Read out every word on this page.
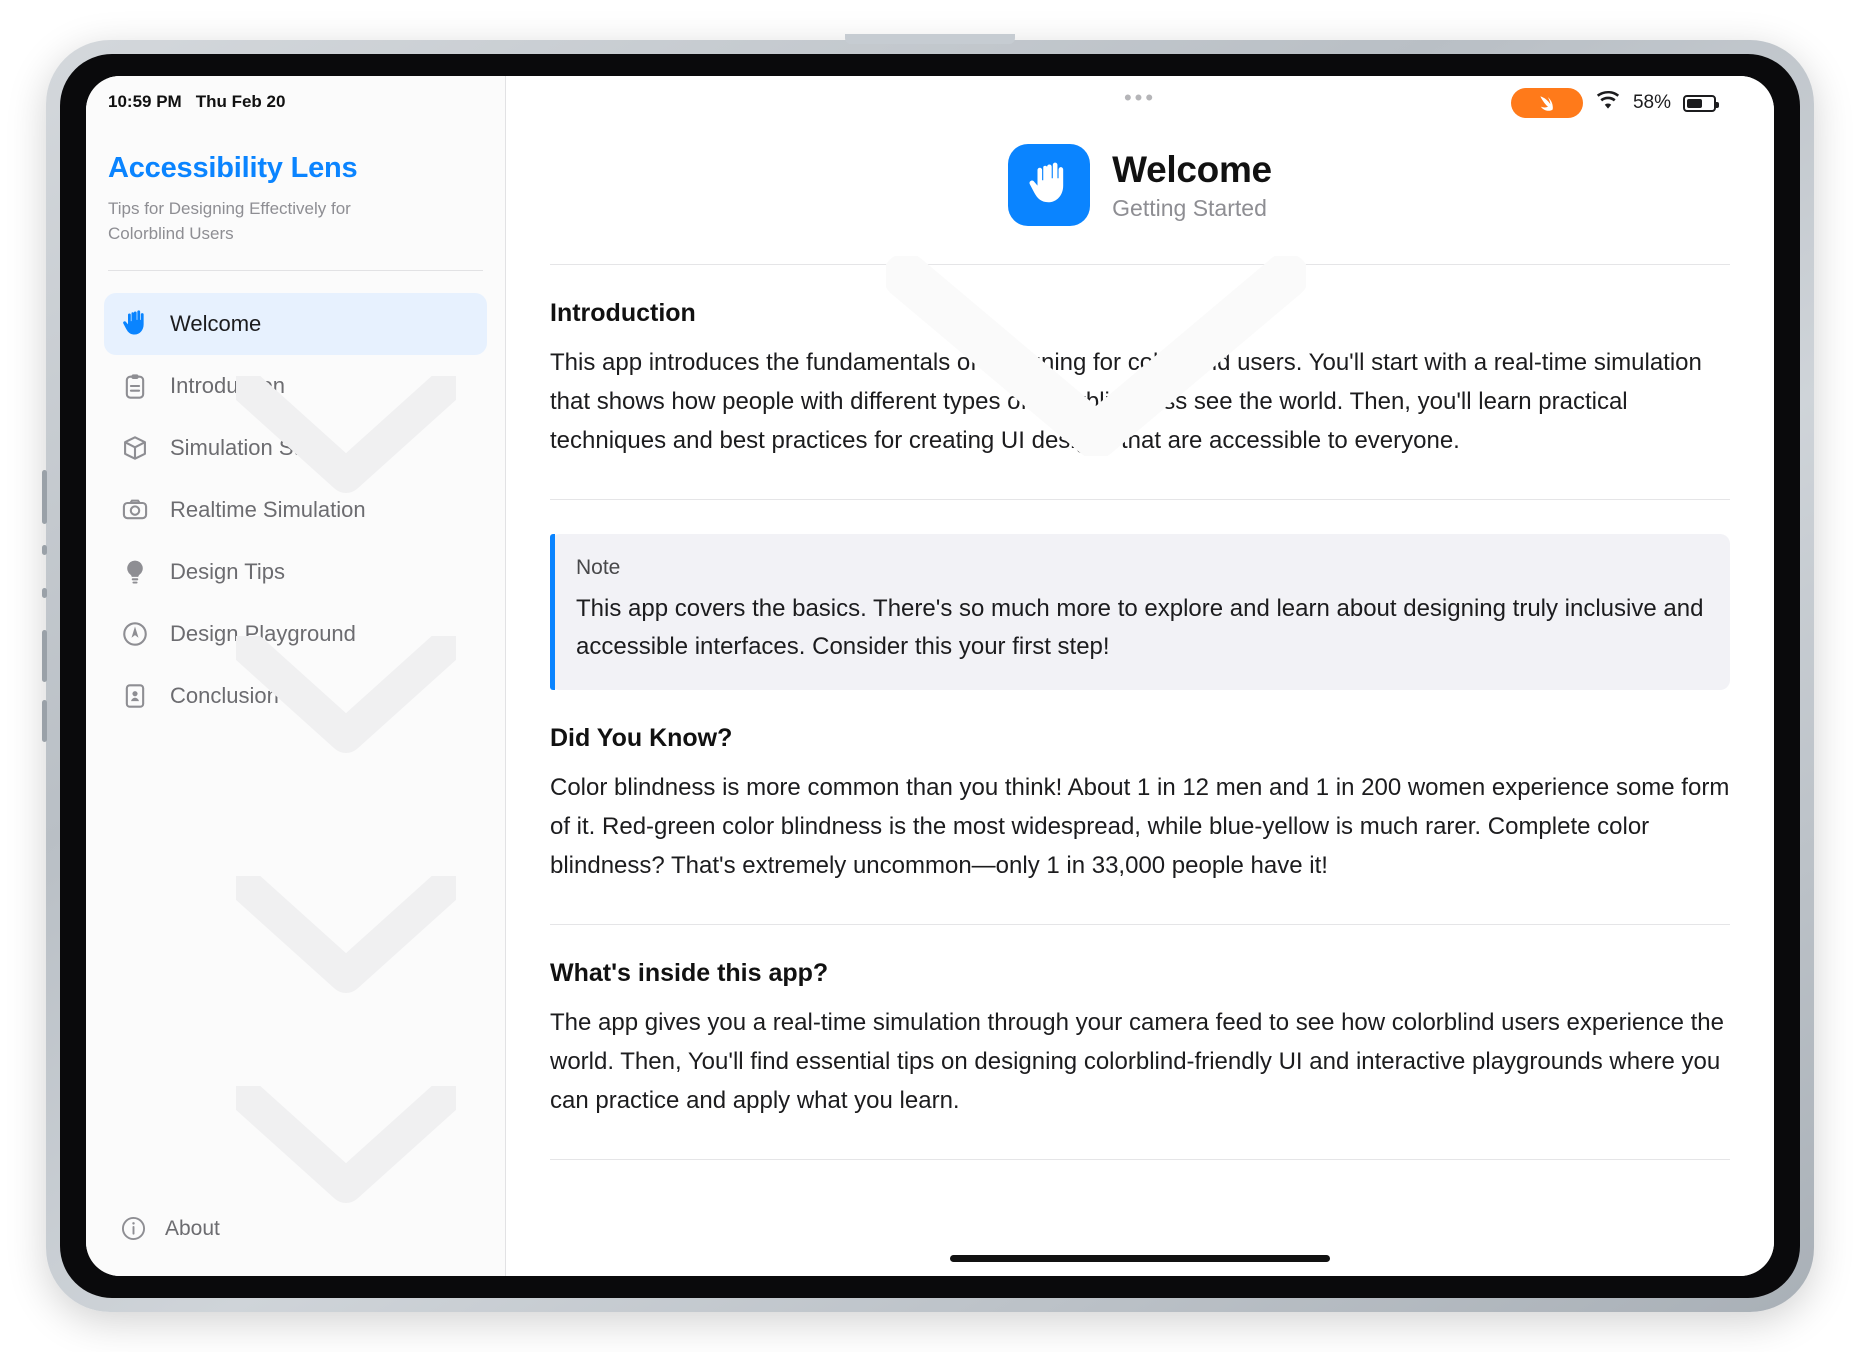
10:59 PM Thu Feb 20
Accessibility Lens
Tips for Designing Effectively for Colorblind Users
Welcome
Introduction
Simulation Steps
Realtime Simulation
Design Tips
Design Playground
Conclusion
About
•••	58%
Welcome

Getting Started

Introduction

This app introduces the fundamentals of designing for colorblind users. You'll start with a real-time simulation that shows how people with different types of colorblindness see the world. Then, you'll learn practical techniques and best practices for creating UI designs that are accessible to everyone.

Note
This app covers the basics. There's so much more to explore and learn about designing truly inclusive and accessible interfaces. Consider this your first step!
Did You Know?

Color blindness is more common than you think! About 1 in 12 men and 1 in 200 women experience some form of it. Red-green color blindness is the most widespread, while blue-yellow is much rarer. Complete color blindness? That's extremely uncommon—only 1 in 33,000 people have it!

What's inside this app?

The app gives you a real-time simulation through your camera feed to see how colorblind users experience the world. Then, You'll find essential tips on designing colorblind-friendly UI and interactive playgrounds where you can practice and apply what you learn.
